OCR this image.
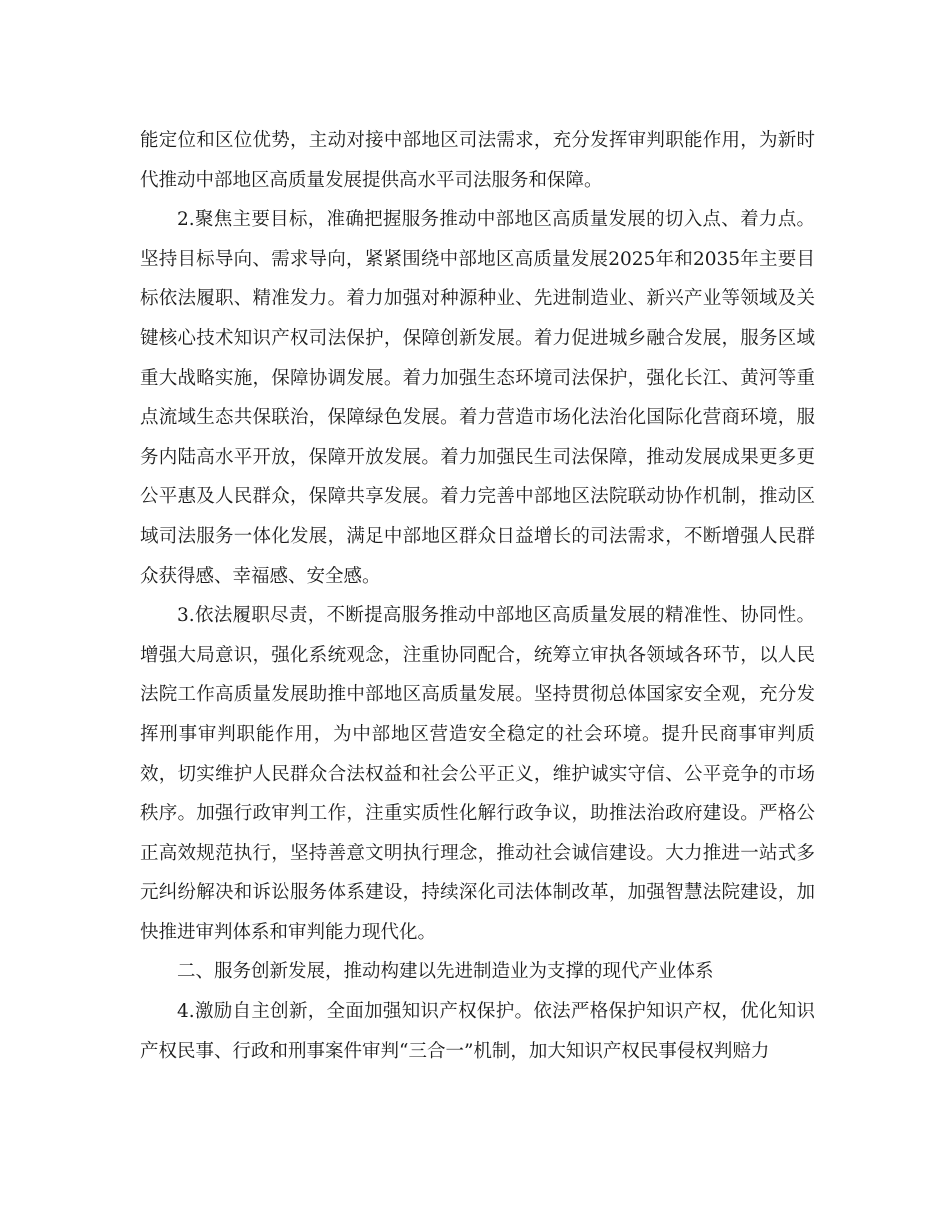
能定位和区位优势，主动对接中部地区司法需求，充分发挥审判职能作用，为新时代推动中部地区高质量发展提供高水平司法服务和保障。

2.聚焦主要目标，准确把握服务推动中部地区高质量发展的切入点、着力点。坚持目标导向、需求导向，紧紧围绕中部地区高质量发展2025年和2035年主要目标依法履职、精准发力。着力加强对种源种业、先进制造业、新兴产业等领域及关键核心技术知识产权司法保护，保障创新发展。着力促进城乡融合发展，服务区域重大战略实施，保障协调发展。着力加强生态环境司法保护，强化长江、黄河等重点流域生态共保联治，保障绿色发展。着力营造市场化法治化国际化营商环境，服务内陆高水平开放，保障开放发展。着力加强民生司法保障，推动发展成果更多更公平惠及人民群众，保障共享发展。着力完善中部地区法院联动协作机制，推动区域司法服务一体化发展，满足中部地区群众日益增长的司法需求，不断增强人民群众获得感、幸福感、安全感。

3.依法履职尽责，不断提高服务推动中部地区高质量发展的精准性、协同性。增强大局意识，强化系统观念，注重协同配合，统筹立审执各领域各环节，以人民法院工作高质量发展助推中部地区高质量发展。坚持贯彻总体国家安全观，充分发挥刑事审判职能作用，为中部地区营造安全稳定的社会环境。提升民商事审判质效，切实维护人民群众合法权益和社会公平正义，维护诚实守信、公平竞争的市场秩序。加强行政审判工作，注重实质性化解行政争议，助推法治政府建设。严格公正高效规范执行，坚持善意文明执行理念，推动社会诚信建设。大力推进一站式多元纠纷解决和诉讼服务体系建设，持续深化司法体制改革，加强智慧法院建设，加快推进审判体系和审判能力现代化。

二、服务创新发展，推动构建以先进制造业为支撑的现代产业体系

4.激励自主创新，全面加强知识产权保护。依法严格保护知识产权，优化知识产权民事、行政和刑事案件审判“三合一”机制，加大知识产权民事侵权判赔力
